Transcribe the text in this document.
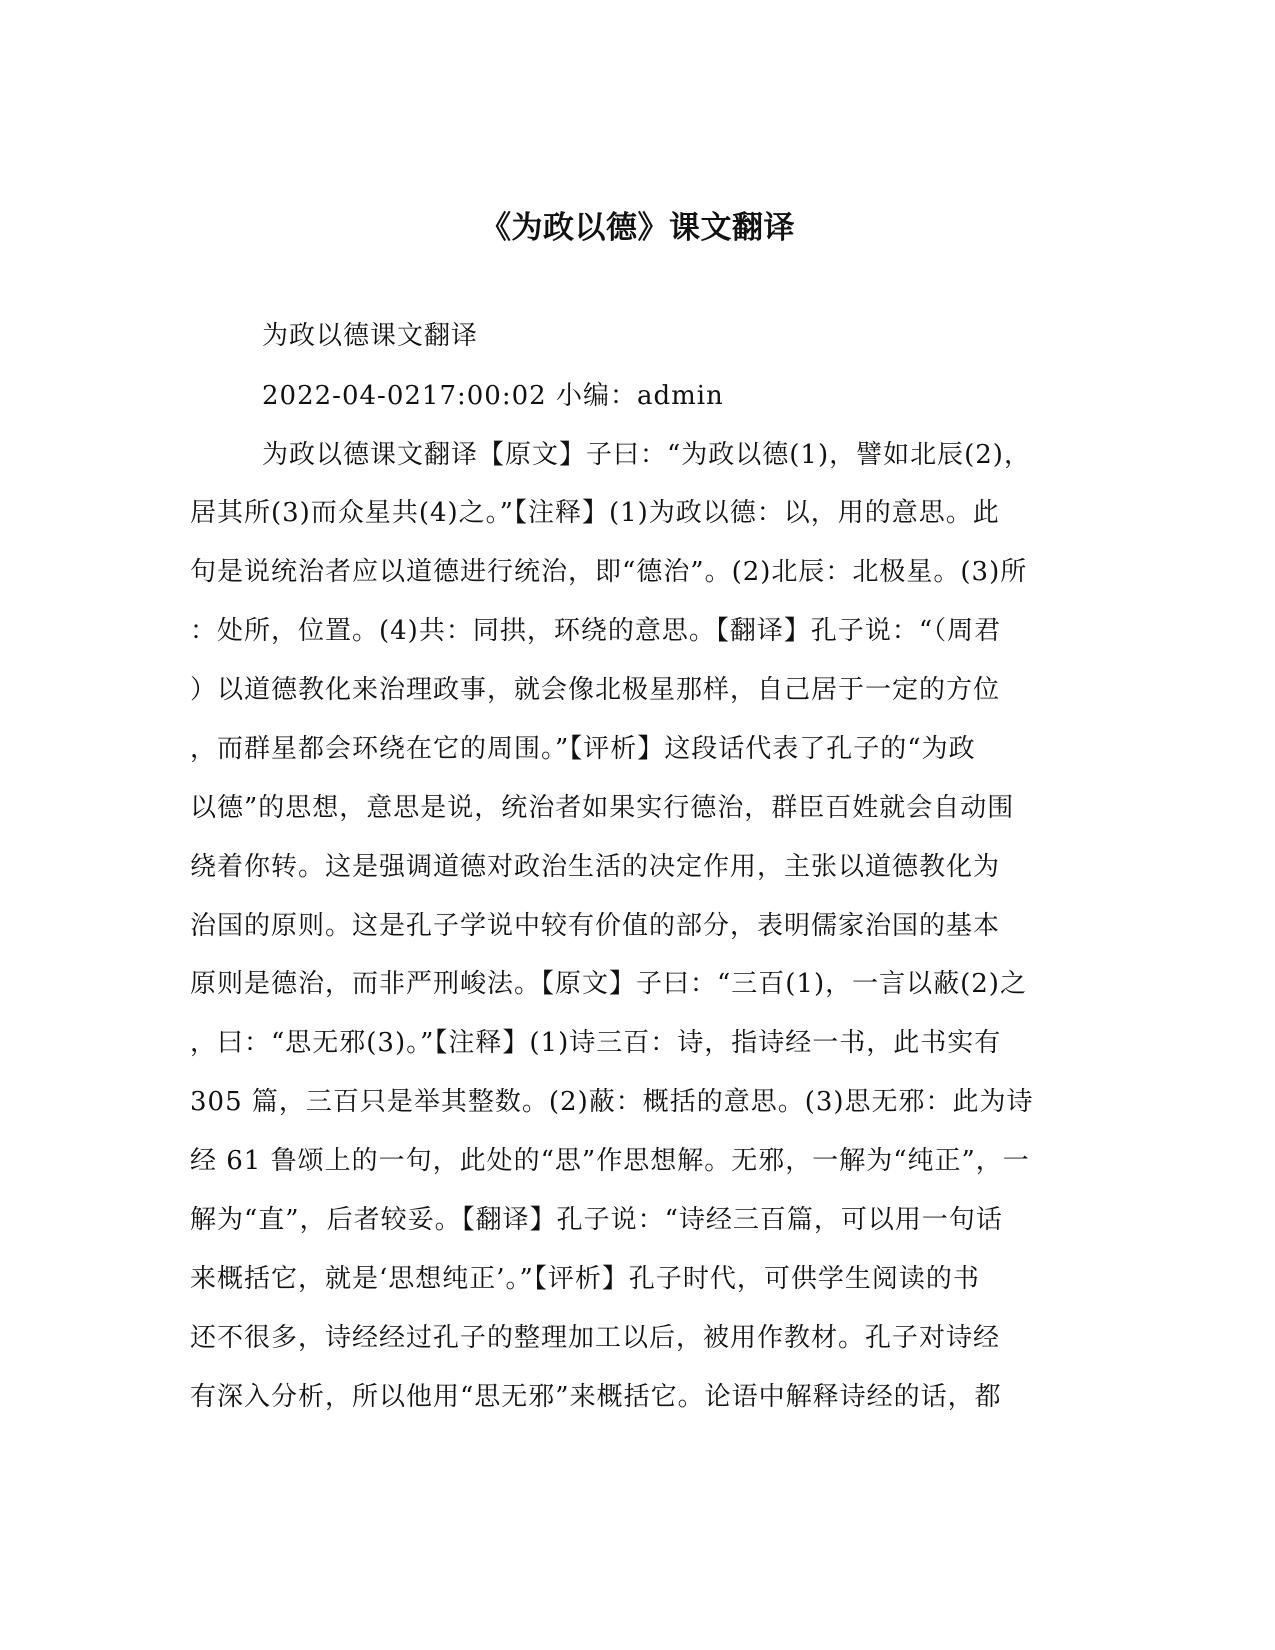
《为政以德》课文翻译
为政以德课文翻译
2022-04-0217:00:02 小编：admin
为政以德课文翻译【原文】子曰：“为政以德(1)，譬如北辰(2)，
居其所(3)而众星共(4)之。”【注释】(1)为政以德：以，用的意思。此
句是说统治者应以道德进行统治，即“德治”。(2)北辰：北极星。(3)所
：处所，位置。(4)共：同拱，环绕的意思。【翻译】孔子说：“（周君
）以道德教化来治理政事，就会像北极星那样，自己居于一定的方位
，而群星都会环绕在它的周围。”【评析】这段话代表了孔子的“为政
以德”的思想，意思是说，统治者如果实行德治，群臣百姓就会自动围
绕着你转。这是强调道德对政治生活的决定作用，主张以道德教化为
治国的原则。这是孔子学说中较有价值的部分，表明儒家治国的基本
原则是德治，而非严刑峻法。【原文】子曰：“三百(1)，一言以蔽(2)之
，曰：“思无邪(3)。”【注释】(1)诗三百：诗，指诗经一书，此书实有
305 篇，三百只是举其整数。(2)蔽：概括的意思。(3)思无邪：此为诗
经 61 鲁颂上的一句，此处的“思”作思想解。无邪，一解为“纯正”，一
解为“直”，后者较妥。【翻译】孔子说：“诗经三百篇，可以用一句话
来概括它，就是‘思想纯正’。”【评析】孔子时代，可供学生阅读的书
还不很多，诗经经过孔子的整理加工以后，被用作教材。孔子对诗经
有深入分析，所以他用“思无邪”来概括它。论语中解释诗经的话，都
